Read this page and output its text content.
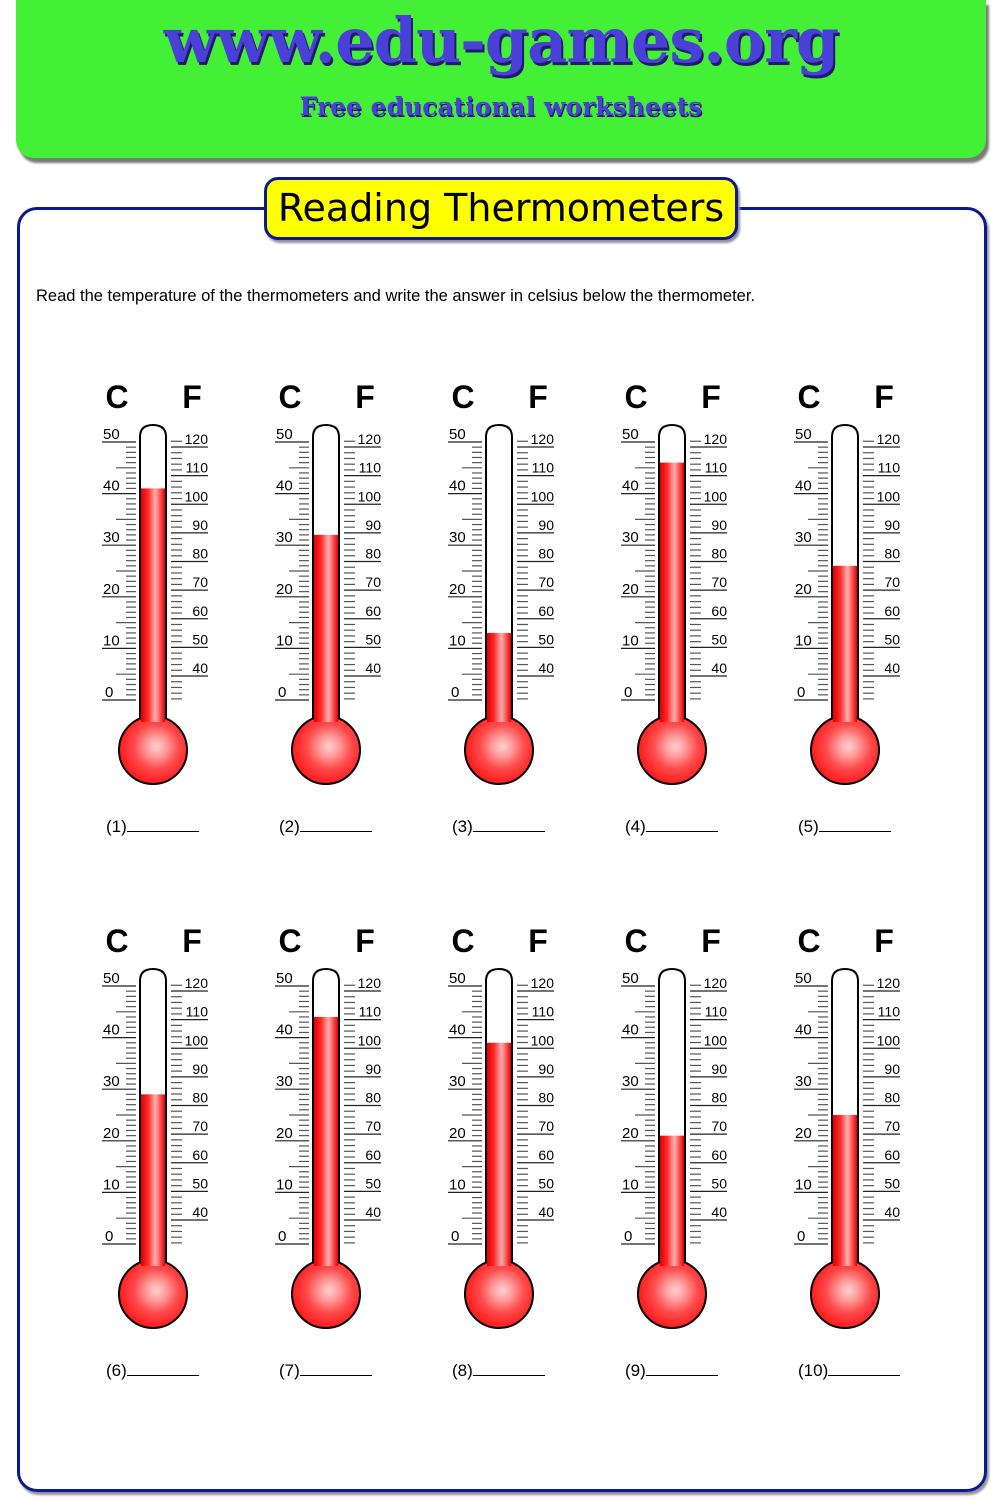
www.edu-games.org
Free educational worksheets
Reading Thermometers
Read the temperature of the thermometers and write the answer in celsius below the thermometer.
C F
50
40
30
20
10
0
120
110
100
90
80
70
60
50
40
(1)
C F
50
40
30
20
10
0
120
110
100
90
80
70
60
50
40
(2)
C F
50
40
30
20
10
0
120
110
100
90
80
70
60
50
40
(3)
C F
50
40
30
20
10
0
120
110
100
90
80
70
60
50
40
(4)
C F
50
40
30
20
10
0
120
110
100
90
80
70
60
50
40
(5)
C F
50
40
30
20
10
0
120
110
100
90
80
70
60
50
40
(6)
C F
50
40
30
20
10
0
120
110
100
90
80
70
60
50
40
(7)
C F
50
40
30
20
10
0
120
110
100
90
80
70
60
50
40
(8)
C F
50
40
30
20
10
0
120
110
100
90
80
70
60
50
40
(9)
C F
50
40
30
20
10
0
120
110
100
90
80
70
60
50
40
(10)
